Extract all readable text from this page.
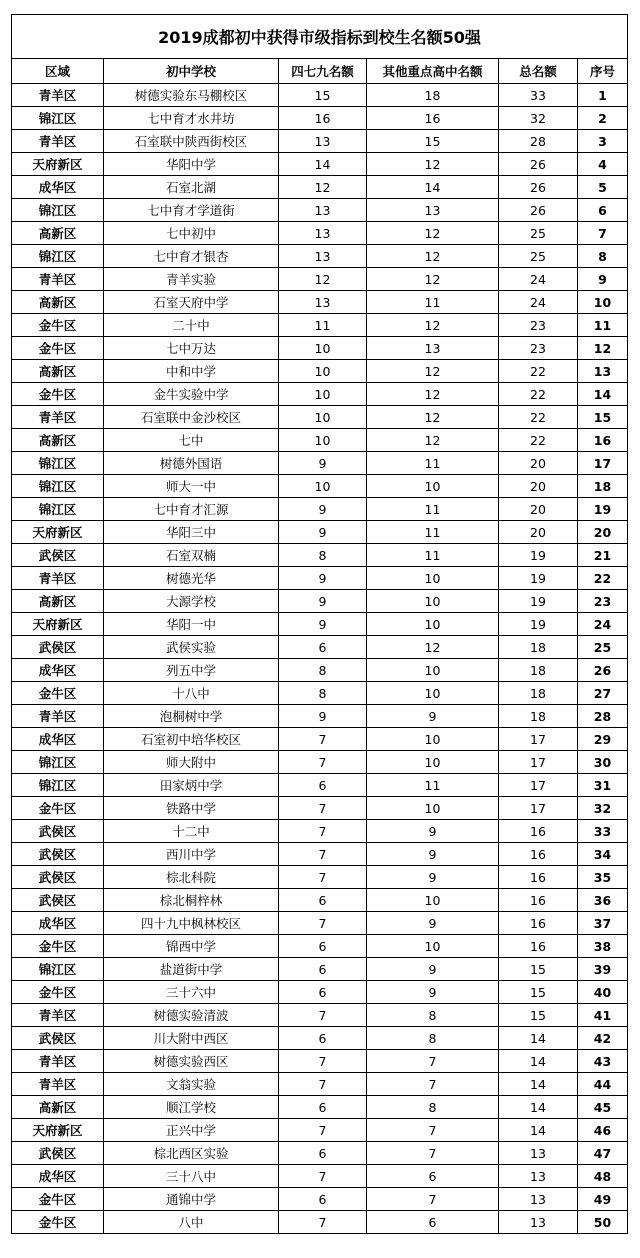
2019成都初中获得市级指标到校生名额50强					
区域	初中学校	四七九名额	其他重点高中名额	总名额	序号
青羊区	树德实验东马棚校区	15	18	33	1
锦江区	七中育才水井坊	16	16	32	2
青羊区	石室联中陕西街校区	13	15	28	3
天府新区	华阳中学	14	12	26	4
成华区	石室北湖	12	14	26	5
锦江区	七中育才学道街	13	13	26	6
高新区	七中初中	13	12	25	7
锦江区	七中育才银杏	13	12	25	8
青羊区	青羊实验	12	12	24	9
高新区	石室天府中学	13	11	24	10
金牛区	二十中	11	12	23	11
金牛区	七中万达	10	13	23	12
高新区	中和中学	10	12	22	13
金牛区	金牛实验中学	10	12	22	14
青羊区	石室联中金沙校区	10	12	22	15
高新区	七中	10	12	22	16
锦江区	树德外国语	9	11	20	17
锦江区	师大一中	10	10	20	18
锦江区	七中育才汇源	9	11	20	19
天府新区	华阳三中	9	11	20	20
武侯区	石室双楠	8	11	19	21
青羊区	树德光华	9	10	19	22
高新区	大源学校	9	10	19	23
天府新区	华阳一中	9	10	19	24
武侯区	武侯实验	6	12	18	25
成华区	列五中学	8	10	18	26
金牛区	十八中	8	10	18	27
青羊区	泡桐树中学	9	9	18	28
成华区	石室初中培华校区	7	10	17	29
锦江区	师大附中	7	10	17	30
锦江区	田家炳中学	6	11	17	31
金牛区	铁路中学	7	10	17	32
武侯区	十二中	7	9	16	33
武侯区	西川中学	7	9	16	34
武侯区	棕北科院	7	9	16	35
武侯区	棕北桐梓林	6	10	16	36
成华区	四十九中枫林校区	7	9	16	37
金牛区	锦西中学	6	10	16	38
锦江区	盐道街中学	6	9	15	39
金牛区	三十六中	6	9	15	40
青羊区	树德实验清波	7	8	15	41
武侯区	川大附中西区	6	8	14	42
青羊区	树德实验西区	7	7	14	43
青羊区	文翁实验	7	7	14	44
高新区	顺江学校	6	8	14	45
天府新区	正兴中学	7	7	14	46
武侯区	棕北西区实验	6	7	13	47
成华区	三十八中	7	6	13	48
金牛区	通锦中学	6	7	13	49
金牛区	八中	7	6	13	50
